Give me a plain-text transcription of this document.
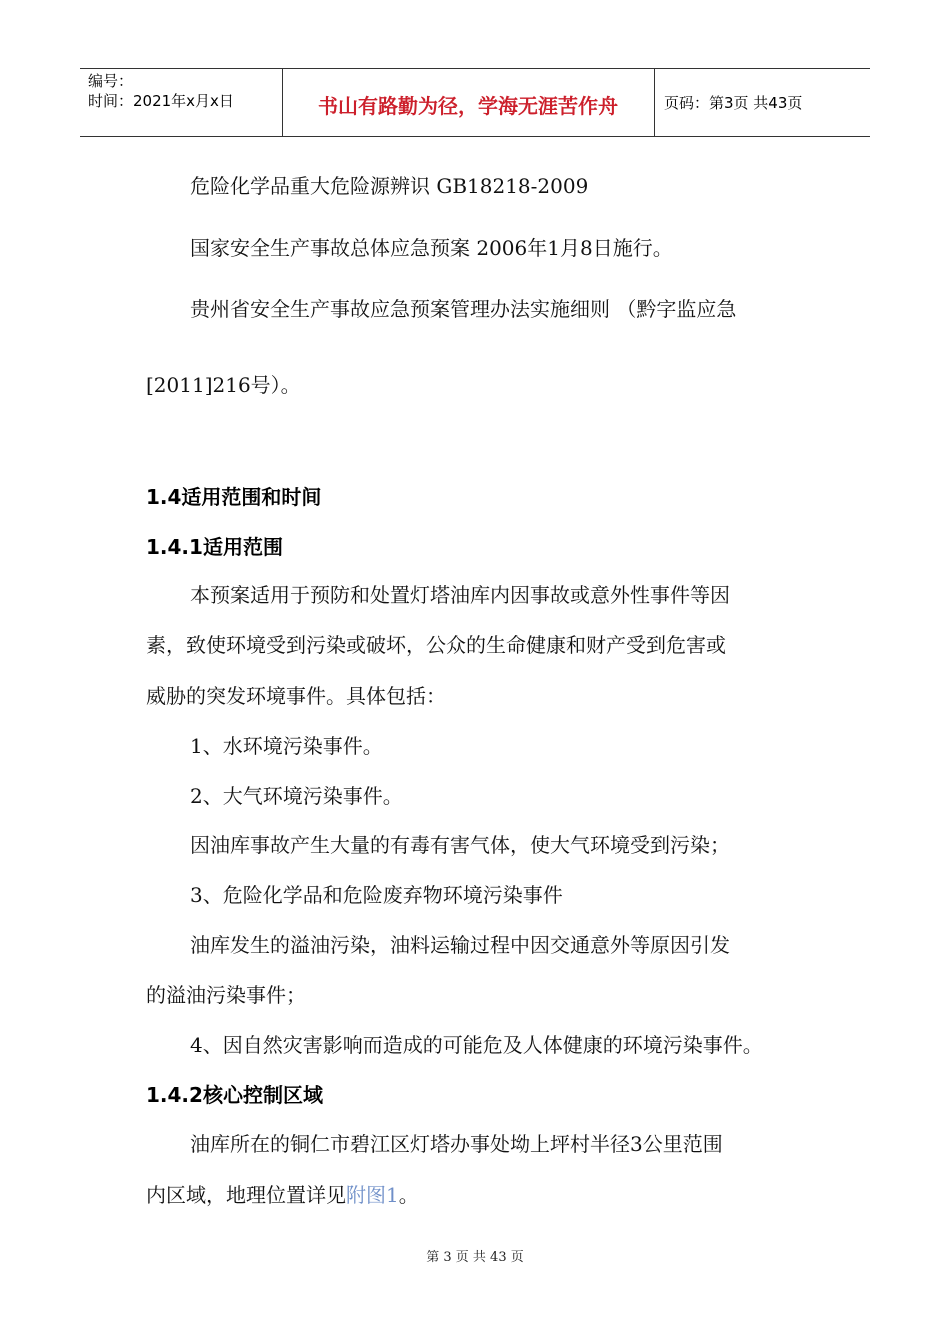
编号：
时间：2021年x月x日	书山有路勤为径，学海无涯苦作舟	页码：第3页 共43页
危险化学品重大危险源辨识 GB18218-2009
国家安全生产事故总体应急预案 2006年1月8日施行。
贵州省安全生产事故应急预案管理办法实施细则 （黔字监应急
[2011]216号）。
1.4适用范围和时间
1.4.1适用范围
本预案适用于预防和处置灯塔油库内因事故或意外性事件等因
素，致使环境受到污染或破坏，公众的生命健康和财产受到危害或
威胁的突发环境事件。具体包括：
1、水环境污染事件。
2、大气环境污染事件。
因油库事故产生大量的有毒有害气体，使大气环境受到污染；
3、危险化学品和危险废弃物环境污染事件
油库发生的溢油污染，油料运输过程中因交通意外等原因引发
的溢油污染事件；
4、因自然灾害影响而造成的可能危及人体健康的环境污染事件。
1.4.2核心控制区域
油库所在的铜仁市碧江区灯塔办事处坳上坪村半径3公里范围
内区域，地理位置详见附图1。
第 3 页 共 43 页
